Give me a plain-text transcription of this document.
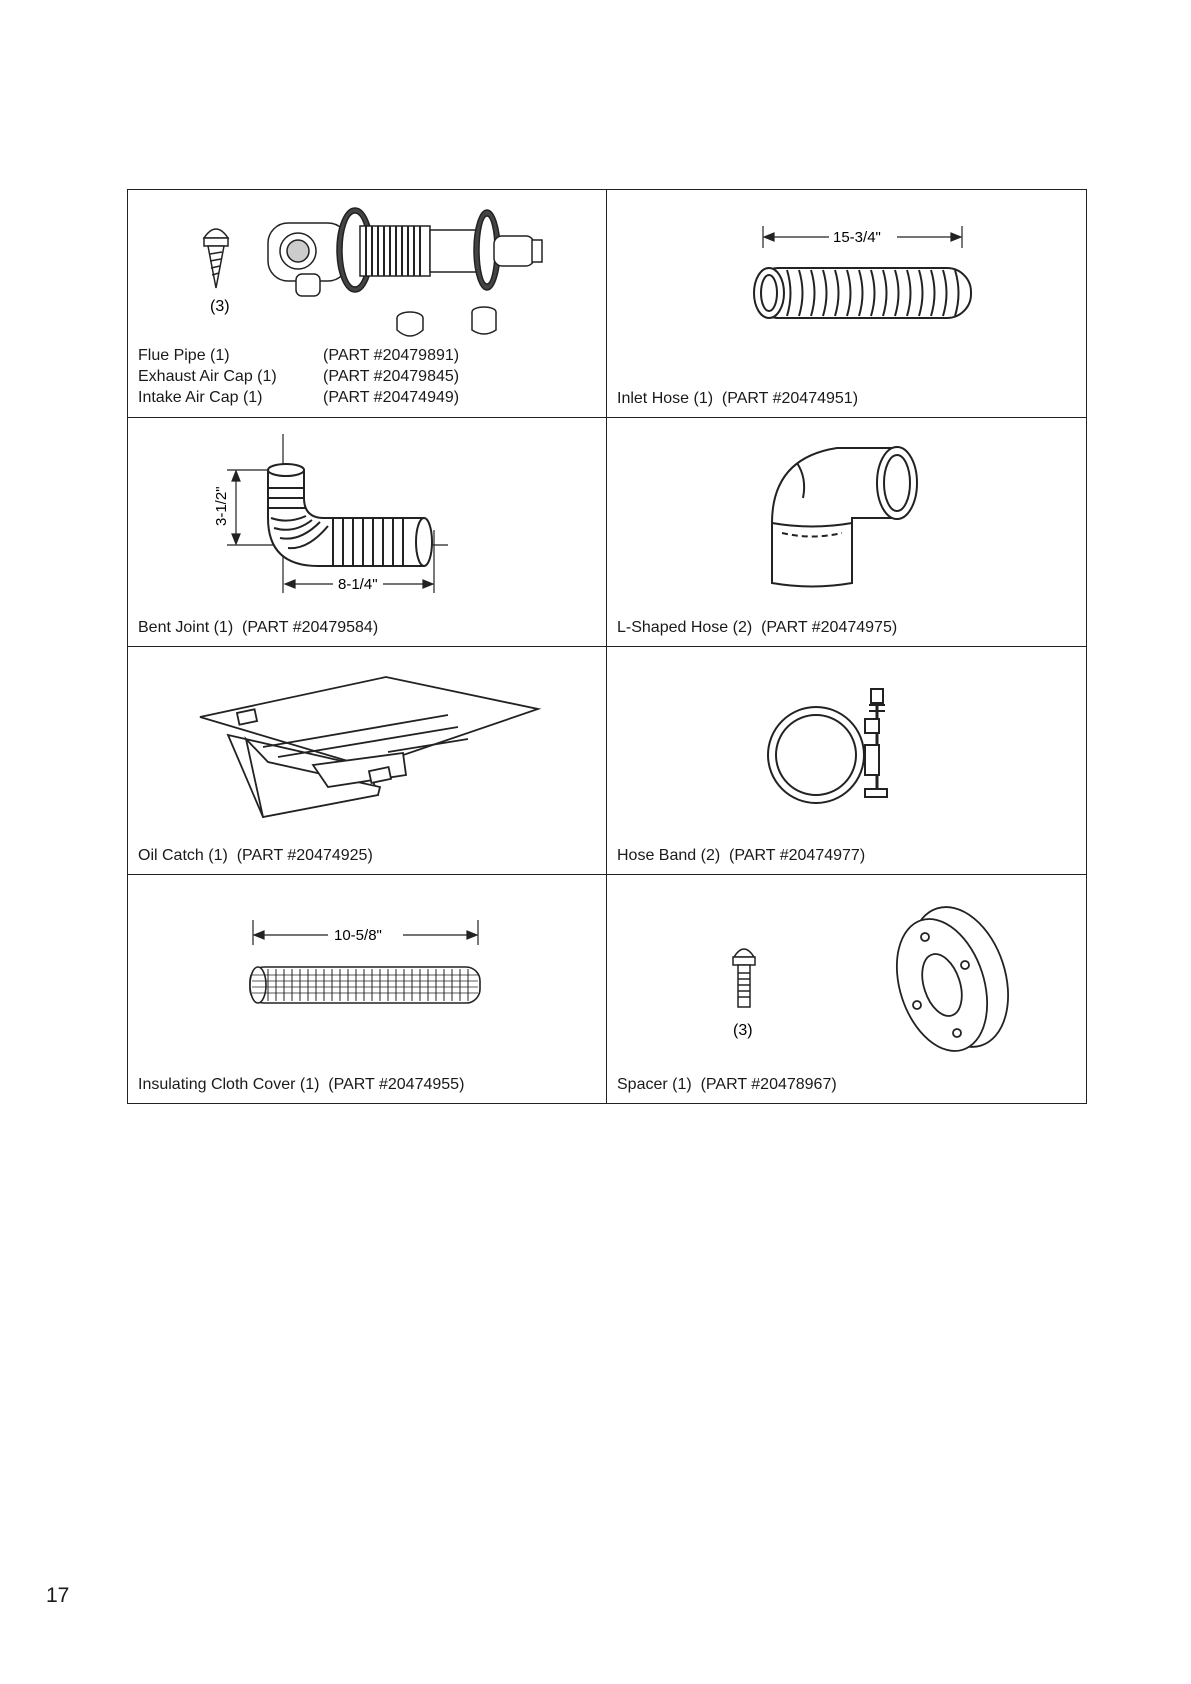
(3)
Flue Pipe (1)	(PART #20479891)
Exhaust Air Cap (1)	(PART #20479845)
Intake Air Cap (1)	(PART #20474949)
15-3/4"
Inlet Hose (1)  (PART #20474951)
3-1/2"
8-1/4"
Bent Joint (1)  (PART #20479584)	L-Shaped Hose (2)  (PART #20474975)
Oil Catch (1)  (PART #20474925)	Hose Band (2)  (PART #20474977)
10-5/8"
Insulating Cloth Cover (1)  (PART #20474955)
(3)
Spacer (1)  (PART #20478967)
17
